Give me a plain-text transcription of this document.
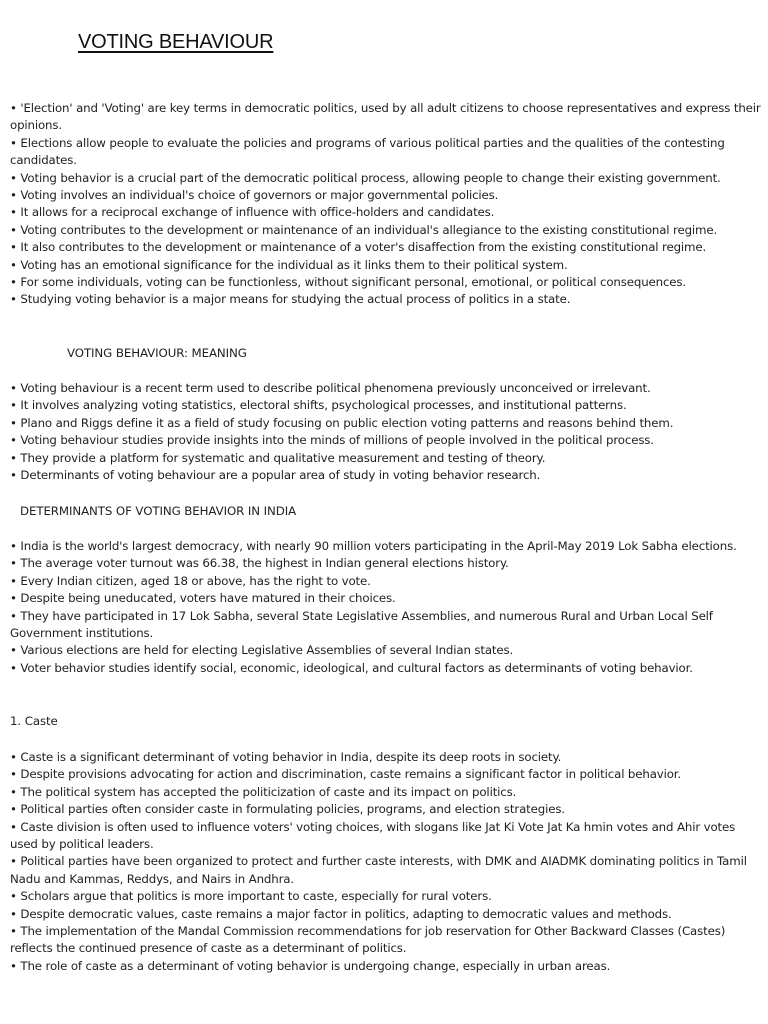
VOTING BEHAVIOUR
• 'Election' and 'Voting' are key terms in democratic politics, used by all adult citizens to choose representatives and express their opinions.
• Elections allow people to evaluate the policies and programs of various political parties and the qualities of the contesting candidates.
• Voting behavior is a crucial part of the democratic political process, allowing people to change their existing government.
• Voting involves an individual's choice of governors or major governmental policies.
• It allows for a reciprocal exchange of influence with office-holders and candidates.
• Voting contributes to the development or maintenance of an individual's allegiance to the existing constitutional regime.
• It also contributes to the development or maintenance of a voter's disaffection from the existing constitutional regime.
• Voting has an emotional significance for the individual as it links them to their political system.
• For some individuals, voting can be functionless, without significant personal, emotional, or political consequences.
• Studying voting behavior is a major means for studying the actual process of politics in a state.
VOTING BEHAVIOUR: MEANING
• Voting behaviour is a recent term used to describe political phenomena previously unconceived or irrelevant.
• It involves analyzing voting statistics, electoral shifts, psychological processes, and institutional patterns.
• Plano and Riggs define it as a field of study focusing on public election voting patterns and reasons behind them.
• Voting behaviour studies provide insights into the minds of millions of people involved in the political process.
• They provide a platform for systematic and qualitative measurement and testing of theory.
• Determinants of voting behaviour are a popular area of study in voting behavior research.
DETERMINANTS OF VOTING BEHAVIOR IN INDIA
• India is the world's largest democracy, with nearly 90 million voters participating in the April-May 2019 Lok Sabha elections.
• The average voter turnout was 66.38, the highest in Indian general elections history.
• Every Indian citizen, aged 18 or above, has the right to vote.
• Despite being uneducated, voters have matured in their choices.
• They have participated in 17 Lok Sabha, several State Legislative Assemblies, and numerous Rural and Urban Local Self Government institutions.
• Various elections are held for electing Legislative Assemblies of several Indian states.
• Voter behavior studies identify social, economic, ideological, and cultural factors as determinants of voting behavior.
1. Caste
• Caste is a significant determinant of voting behavior in India, despite its deep roots in society.
• Despite provisions advocating for action and discrimination, caste remains a significant factor in political behavior.
• The political system has accepted the politicization of caste and its impact on politics.
• Political parties often consider caste in formulating policies, programs, and election strategies.
• Caste division is often used to influence voters' voting choices, with slogans like Jat Ki Vote Jat Ka hmin votes and Ahir votes used by political leaders.
• Political parties have been organized to protect and further caste interests, with DMK and AIADMK dominating politics in Tamil Nadu and Kammas, Reddys, and Nairs in Andhra.
• Scholars argue that politics is more important to caste, especially for rural voters.
• Despite democratic values, caste remains a major factor in politics, adapting to democratic values and methods.
• The implementation of the Mandal Commission recommendations for job reservation for Other Backward Classes (Castes) reflects the continued presence of caste as a determinant of politics.
• The role of caste as a determinant of voting behavior is undergoing change, especially in urban areas.
